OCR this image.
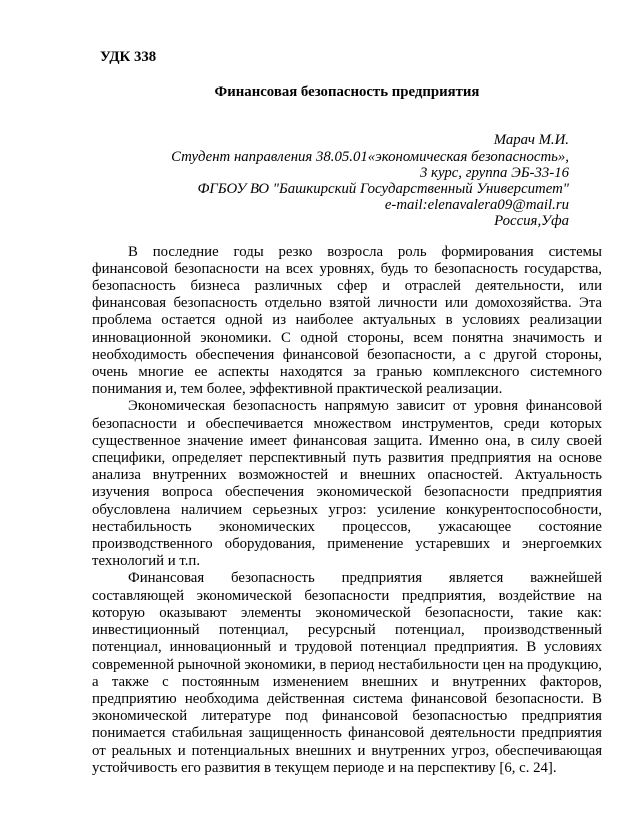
УДК 338
Финансовая безопасность предприятия
Марач М.И.
Студент направления 38.05.01«экономическая безопасность»,
3 курс, группа ЭБ-33-16
ФГБОУ ВО "Башкирский Государственный Университет"
e-mail:elenavalera09@mail.ru
Россия,Уфа

В последние годы резко возросла роль формирования системы финансовой безопасности на всех уровнях, будь то безопасность государства, безопасность бизнеса различных сфер и отраслей деятельности, или финансовая безопасность отдельно взятой личности или домохозяйства. Эта проблема остается одной из наиболее актуальных в условиях реализации инновационной экономики. С одной стороны, всем понятна значимость и необходимость обеспечения финансовой безопасности, а с другой стороны, очень многие ее аспекты находятся за гранью комплексного системного понимания и, тем более, эффективной практической реализации.

Экономическая безопасность напрямую зависит от уровня финансовой безопасности и обеспечивается множеством инструментов, среди которых существенное значение имеет финансовая защита. Именно она, в силу своей специфики, определяет перспективный путь развития предприятия на основе анализа внутренних возможностей и внешних опасностей. Актуальность изучения вопроса обеспечения экономической безопасности предприятия обусловлена наличием серьезных угроз: усиление конкурентоспособности, нестабильность экономических процессов, ужасающее состояние производственного оборудования, применение устаревших и энергоемких технологий и т.п.

Финансовая безопасность предприятия является важнейшей составляющей экономической безопасности предприятия, воздействие на которую оказывают элементы экономической безопасности, такие как: инвестиционный потенциал, ресурсный потенциал, производственный потенциал, инновационный и трудовой потенциал предприятия. В условиях современной рыночной экономики, в период нестабильности цен на продукцию, а также с постоянным изменением внешних и внутренних факторов, предприятию необходима действенная система финансовой безопасности. В экономической литературе под финансовой безопасностью предприятия понимается стабильная защищенность финансовой деятельности предприятия от реальных и потенциальных внешних и внутренних угроз, обеспечивающая устойчивость его развития в текущем периоде и на перспективу [6, с. 24].
